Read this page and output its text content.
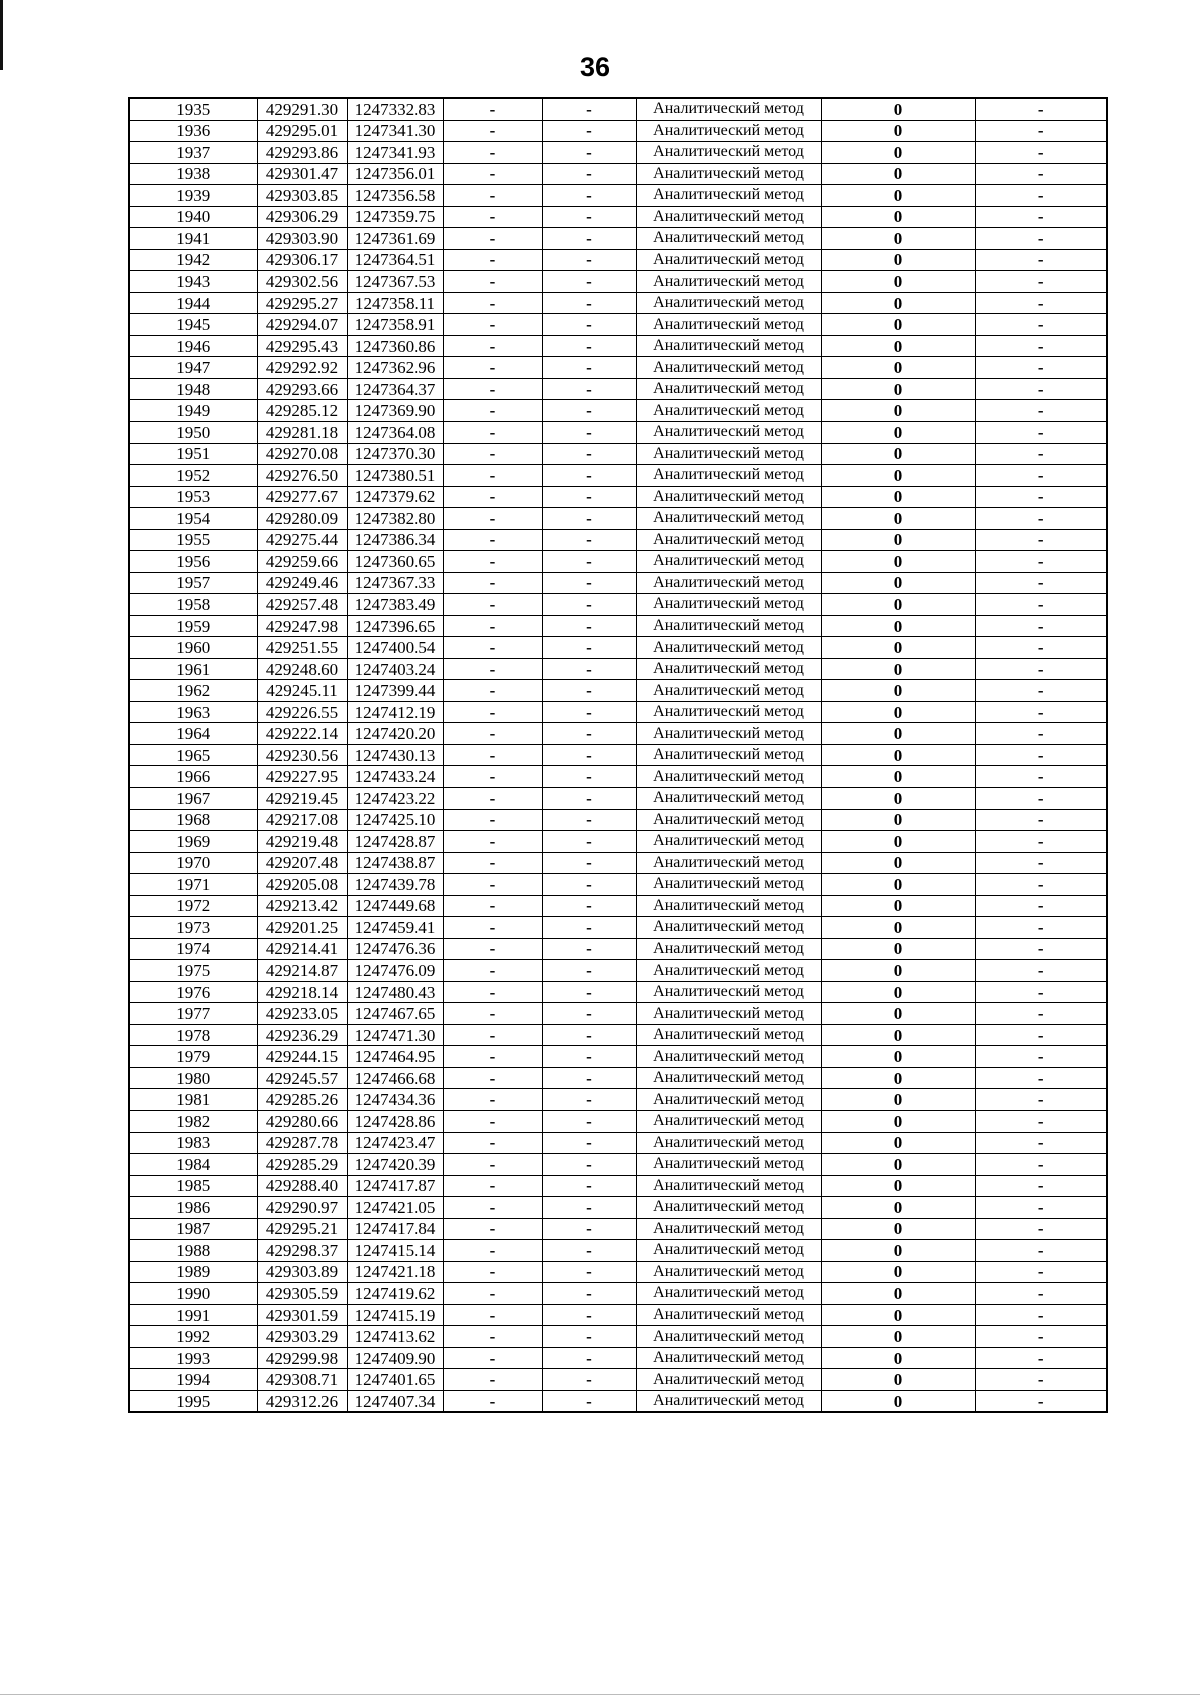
36
1935	429291.30	1247332.83	-	-	Аналитический метод	0	-
1936	429295.01	1247341.30	-	-	Аналитический метод	0	-
1937	429293.86	1247341.93	-	-	Аналитический метод	0	-
1938	429301.47	1247356.01	-	-	Аналитический метод	0	-
1939	429303.85	1247356.58	-	-	Аналитический метод	0	-
1940	429306.29	1247359.75	-	-	Аналитический метод	0	-
1941	429303.90	1247361.69	-	-	Аналитический метод	0	-
1942	429306.17	1247364.51	-	-	Аналитический метод	0	-
1943	429302.56	1247367.53	-	-	Аналитический метод	0	-
1944	429295.27	1247358.11	-	-	Аналитический метод	0	-
1945	429294.07	1247358.91	-	-	Аналитический метод	0	-
1946	429295.43	1247360.86	-	-	Аналитический метод	0	-
1947	429292.92	1247362.96	-	-	Аналитический метод	0	-
1948	429293.66	1247364.37	-	-	Аналитический метод	0	-
1949	429285.12	1247369.90	-	-	Аналитический метод	0	-
1950	429281.18	1247364.08	-	-	Аналитический метод	0	-
1951	429270.08	1247370.30	-	-	Аналитический метод	0	-
1952	429276.50	1247380.51	-	-	Аналитический метод	0	-
1953	429277.67	1247379.62	-	-	Аналитический метод	0	-
1954	429280.09	1247382.80	-	-	Аналитический метод	0	-
1955	429275.44	1247386.34	-	-	Аналитический метод	0	-
1956	429259.66	1247360.65	-	-	Аналитический метод	0	-
1957	429249.46	1247367.33	-	-	Аналитический метод	0	-
1958	429257.48	1247383.49	-	-	Аналитический метод	0	-
1959	429247.98	1247396.65	-	-	Аналитический метод	0	-
1960	429251.55	1247400.54	-	-	Аналитический метод	0	-
1961	429248.60	1247403.24	-	-	Аналитический метод	0	-
1962	429245.11	1247399.44	-	-	Аналитический метод	0	-
1963	429226.55	1247412.19	-	-	Аналитический метод	0	-
1964	429222.14	1247420.20	-	-	Аналитический метод	0	-
1965	429230.56	1247430.13	-	-	Аналитический метод	0	-
1966	429227.95	1247433.24	-	-	Аналитический метод	0	-
1967	429219.45	1247423.22	-	-	Аналитический метод	0	-
1968	429217.08	1247425.10	-	-	Аналитический метод	0	-
1969	429219.48	1247428.87	-	-	Аналитический метод	0	-
1970	429207.48	1247438.87	-	-	Аналитический метод	0	-
1971	429205.08	1247439.78	-	-	Аналитический метод	0	-
1972	429213.42	1247449.68	-	-	Аналитический метод	0	-
1973	429201.25	1247459.41	-	-	Аналитический метод	0	-
1974	429214.41	1247476.36	-	-	Аналитический метод	0	-
1975	429214.87	1247476.09	-	-	Аналитический метод	0	-
1976	429218.14	1247480.43	-	-	Аналитический метод	0	-
1977	429233.05	1247467.65	-	-	Аналитический метод	0	-
1978	429236.29	1247471.30	-	-	Аналитический метод	0	-
1979	429244.15	1247464.95	-	-	Аналитический метод	0	-
1980	429245.57	1247466.68	-	-	Аналитический метод	0	-
1981	429285.26	1247434.36	-	-	Аналитический метод	0	-
1982	429280.66	1247428.86	-	-	Аналитический метод	0	-
1983	429287.78	1247423.47	-	-	Аналитический метод	0	-
1984	429285.29	1247420.39	-	-	Аналитический метод	0	-
1985	429288.40	1247417.87	-	-	Аналитический метод	0	-
1986	429290.97	1247421.05	-	-	Аналитический метод	0	-
1987	429295.21	1247417.84	-	-	Аналитический метод	0	-
1988	429298.37	1247415.14	-	-	Аналитический метод	0	-
1989	429303.89	1247421.18	-	-	Аналитический метод	0	-
1990	429305.59	1247419.62	-	-	Аналитический метод	0	-
1991	429301.59	1247415.19	-	-	Аналитический метод	0	-
1992	429303.29	1247413.62	-	-	Аналитический метод	0	-
1993	429299.98	1247409.90	-	-	Аналитический метод	0	-
1994	429308.71	1247401.65	-	-	Аналитический метод	0	-
1995	429312.26	1247407.34	-	-	Аналитический метод	0	-
